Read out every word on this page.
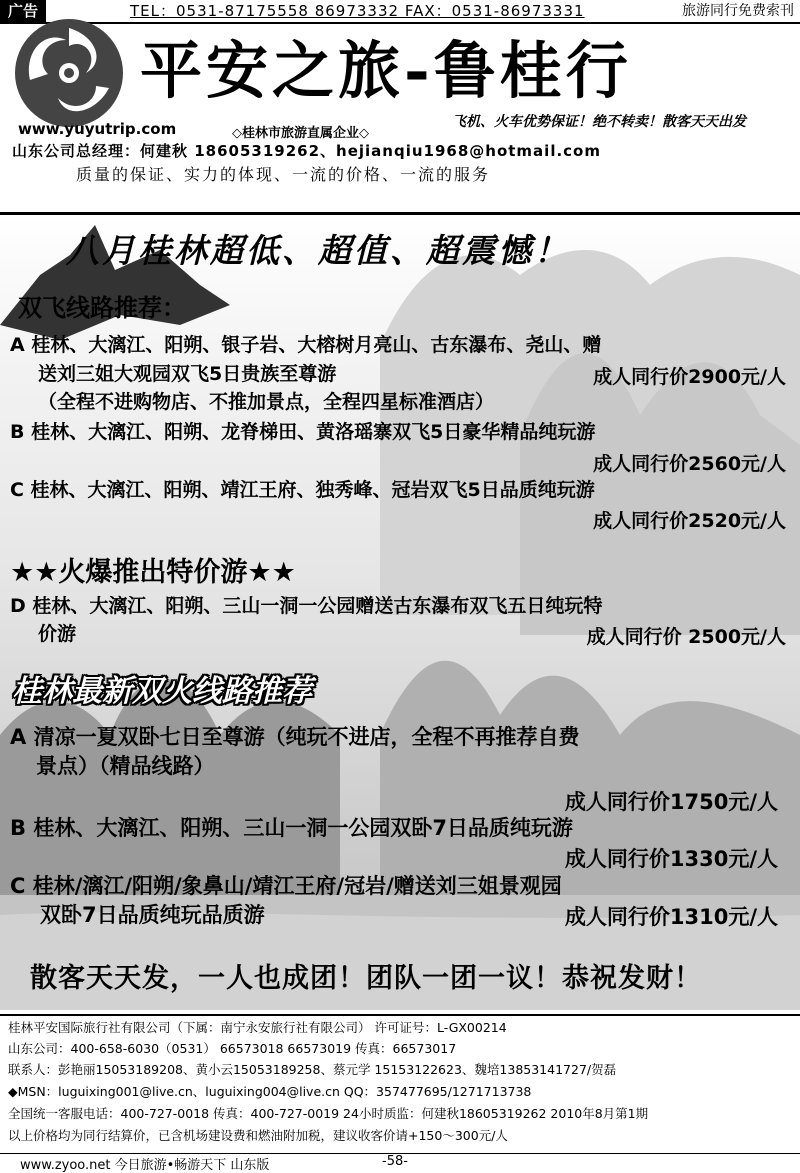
广告	TEL：0531-87175558 86973332 FAX：0531-86973331	旅游同行免费索刊
平安之旅-鲁桂行
www.yuyutrip.com	◇桂林市旅游直属企业◇
飞机、火车优势保证！绝不转卖！散客天天出发
山东公司总经理：何建秋 18605319262、hejianqiu1968@hotmail.com
质量的保证、实力的体现、一流的价格、一流的服务
八月桂林超低、超值、超震憾！
双飞线路推荐：
A 桂林、大漓江、阳朔、银子岩、大榕树月亮山、古东瀑布、尧山、赠
送刘三姐大观园双飞5日贵族至尊游	成人同行价2900元/人
（全程不进购物店、不推加景点，全程四星标准酒店）
B 桂林、大漓江、阳朔、龙脊梯田、黄洛瑶寨双飞5日豪华精品纯玩游
成人同行价2560元/人
C 桂林、大漓江、阳朔、靖江王府、独秀峰、冠岩双飞5日品质纯玩游
成人同行价2520元/人
★★火爆推出特价游★★
D 桂林、大漓江、阳朔、三山一洞一公园赠送古东瀑布双飞五日纯玩特
价游	成人同行价 2500元/人
桂林最新双火线路推荐
A 清凉一夏双卧七日至尊游（纯玩不进店，全程不再推荐自费
景点）（精品线路）
成人同行价1750元/人
B 桂林、大漓江、阳朔、三山一洞一公园双卧7日品质纯玩游
成人同行价1330元/人
C 桂林/漓江/阳朔/象鼻山/靖江王府/冠岩/赠送刘三姐景观园
双卧7日品质纯玩品质游	成人同行价1310元/人
散客天天发，一人也成团！团队一团一议！恭祝发财！
桂林平安国际旅行社有限公司（下属：南宁永安旅行社有限公司） 许可证号：L-GX00214
山东公司：400-658-6030（0531） 66573018 66573019 传真：66573017
联系人：彭艳丽15053189208、黄小云15053189258、蔡元学 15153122623、魏培13853141727/贺磊
◆MSN：luguixing001@live.cn、luguixing004@live.cn QQ：357477695/1271713738
全国统一客服电话：400-727-0018 传真：400-727-0019 24小时质监：何建秋18605319262 2010年8月第1期
以上价格均为同行结算价，已含机场建设费和燃油附加税，建议收客价请+150～300元/人
www.zyoo.net 今日旅游•畅游天下 山东版	-58-
